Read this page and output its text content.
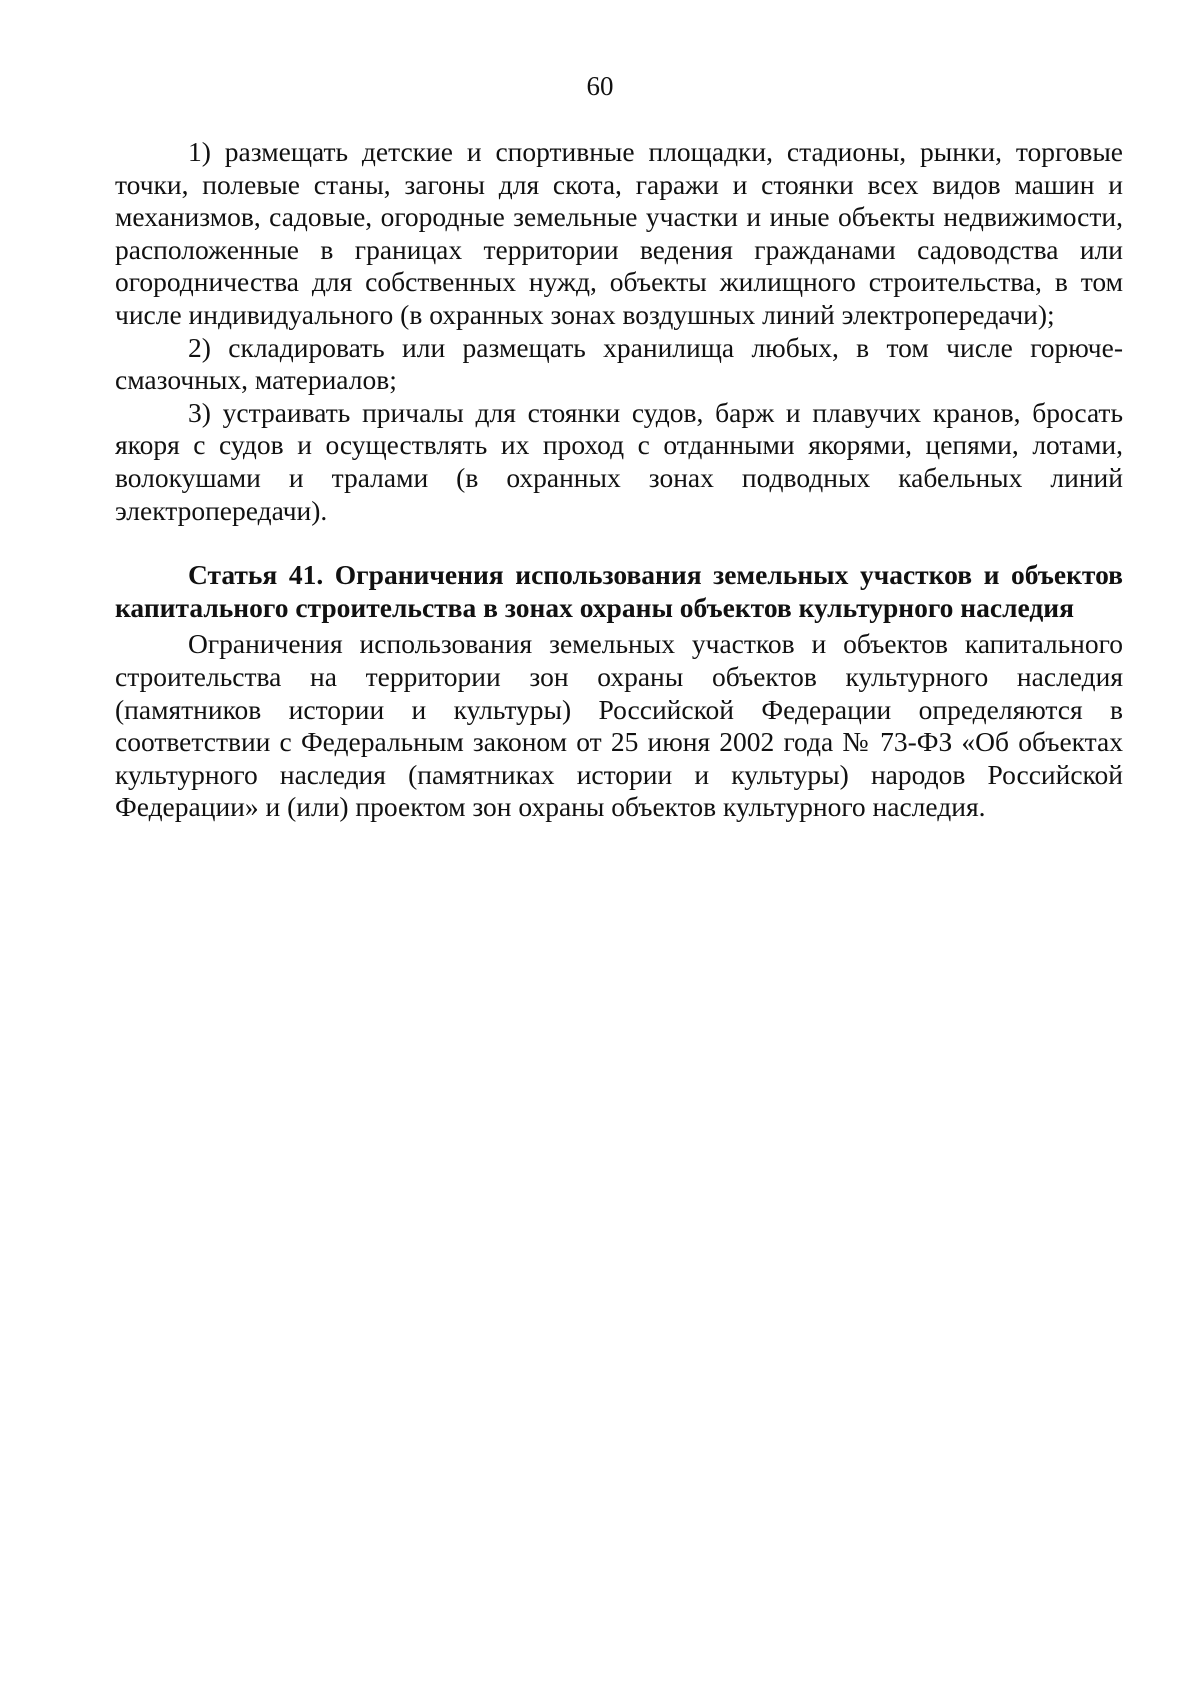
60

1) размещать детские и спортивные площадки, стадионы, рынки, торговые точки, полевые станы, загоны для скота, гаражи и стоянки всех видов машин и механизмов, садовые, огородные земельные участки и иные объекты недвижимости, расположенные в границах территории ведения гражданами садоводства или огородничества для собственных нужд, объекты жилищного строительства, в том числе индивидуального (в охранных зонах воздушных линий электропередачи);

2) складировать или размещать хранилища любых, в том числе горюче-смазочных, материалов;

3) устраивать причалы для стоянки судов, барж и плавучих кранов, бросать якоря с судов и осуществлять их проход с отданными якорями, цепями, лотами, волокушами и тралами (в охранных зонах подводных кабельных линий электропередачи).

Статья 41. Ограничения использования земельных участков и объектов капитального строительства в зонах охраны объектов культурного наследия

Ограничения использования земельных участков и объектов капитального строительства на территории зон охраны объектов культурного наследия (памятников истории и культуры) Российской Федерации определяются в соответствии с Федеральным законом от 25 июня 2002 года № 73-ФЗ «Об объектах культурного наследия (памятниках истории и культуры) народов Российской Федерации» и (или) проектом зон охраны объектов культурного наследия.
